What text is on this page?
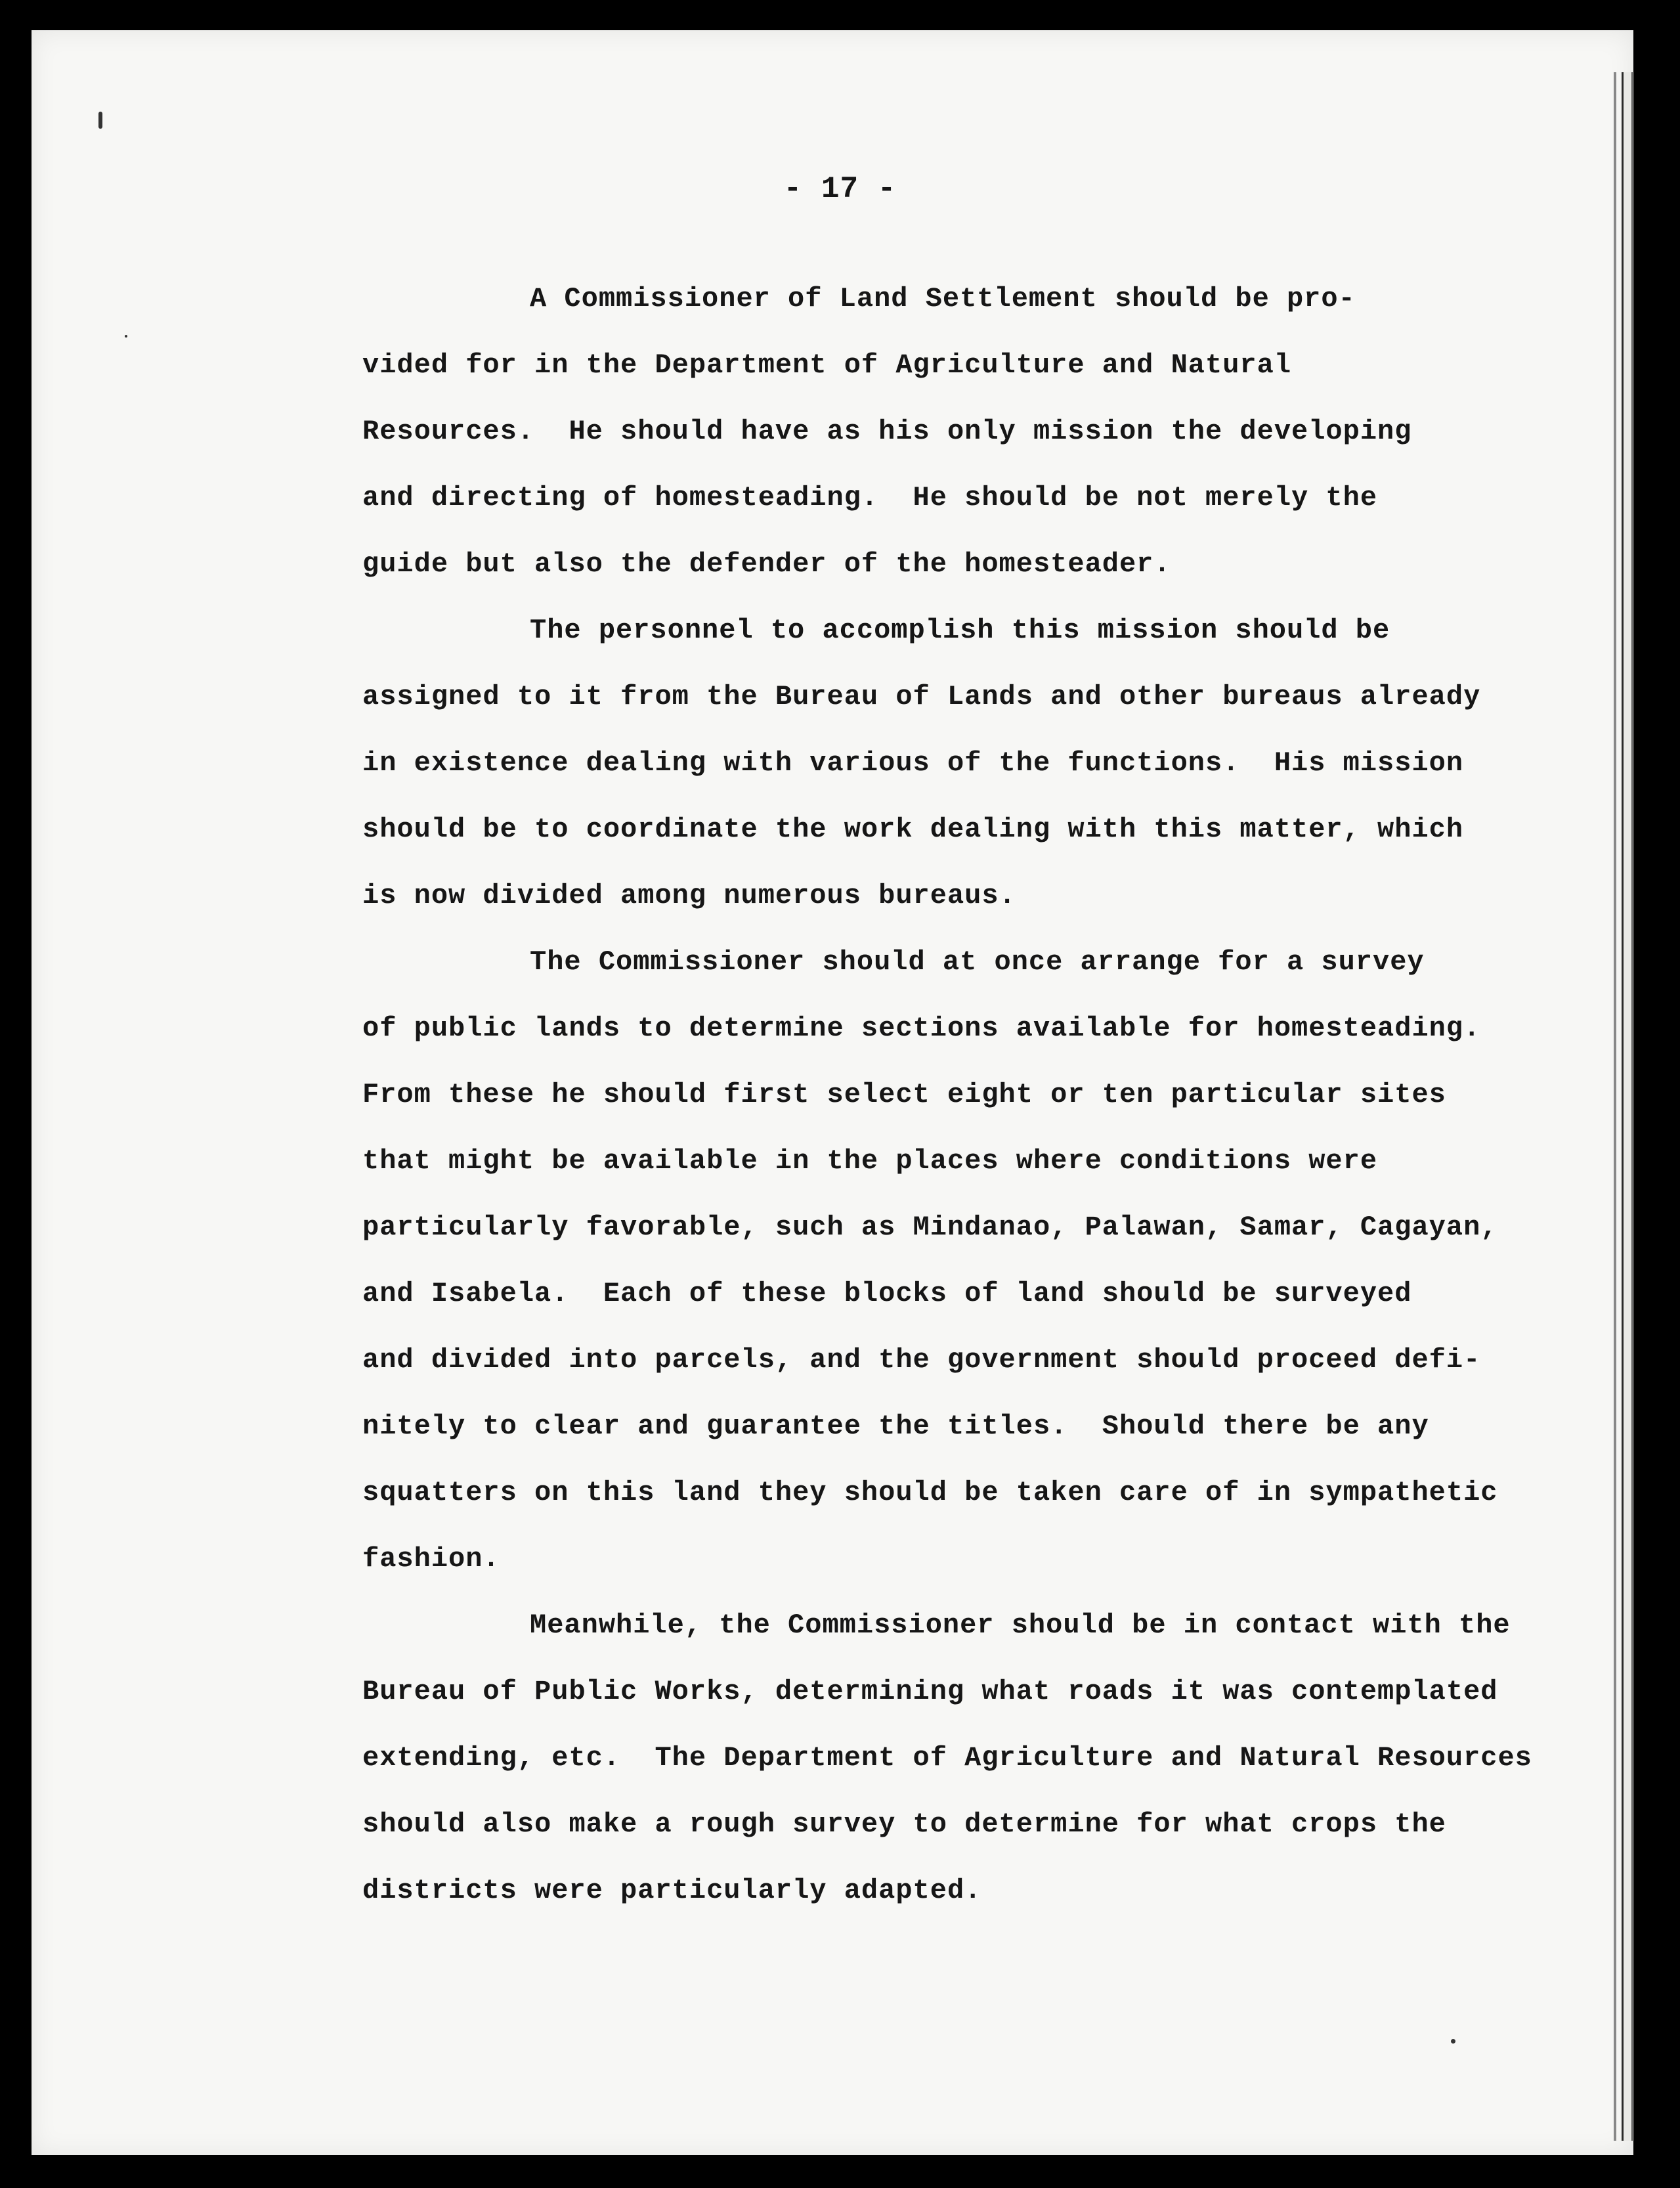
- 17 -
A Commissioner of Land Settlement should be pro-
vided for in the Department of Agriculture and Natural
Resources.  He should have as his only mission the developing
and directing of homesteading.  He should be not merely the
guide but also the defender of the homesteader.
The personnel to accomplish this mission should be
assigned to it from the Bureau of Lands and other bureaus already
in existence dealing with various of the functions.  His mission
should be to coordinate the work dealing with this matter, which
is now divided among numerous bureaus.
The Commissioner should at once arrange for a survey
of public lands to determine sections available for homesteading.
From these he should first select eight or ten particular sites
that might be available in the places where conditions were
particularly favorable, such as Mindanao, Palawan, Samar, Cagayan,
and Isabela.  Each of these blocks of land should be surveyed
and divided into parcels, and the government should proceed defi-
nitely to clear and guarantee the titles.  Should there be any
squatters on this land they should be taken care of in sympathetic
fashion.
Meanwhile, the Commissioner should be in contact with the
Bureau of Public Works, determining what roads it was contemplated
extending, etc.  The Department of Agriculture and Natural Resources
should also make a rough survey to determine for what crops the
districts were particularly adapted.
